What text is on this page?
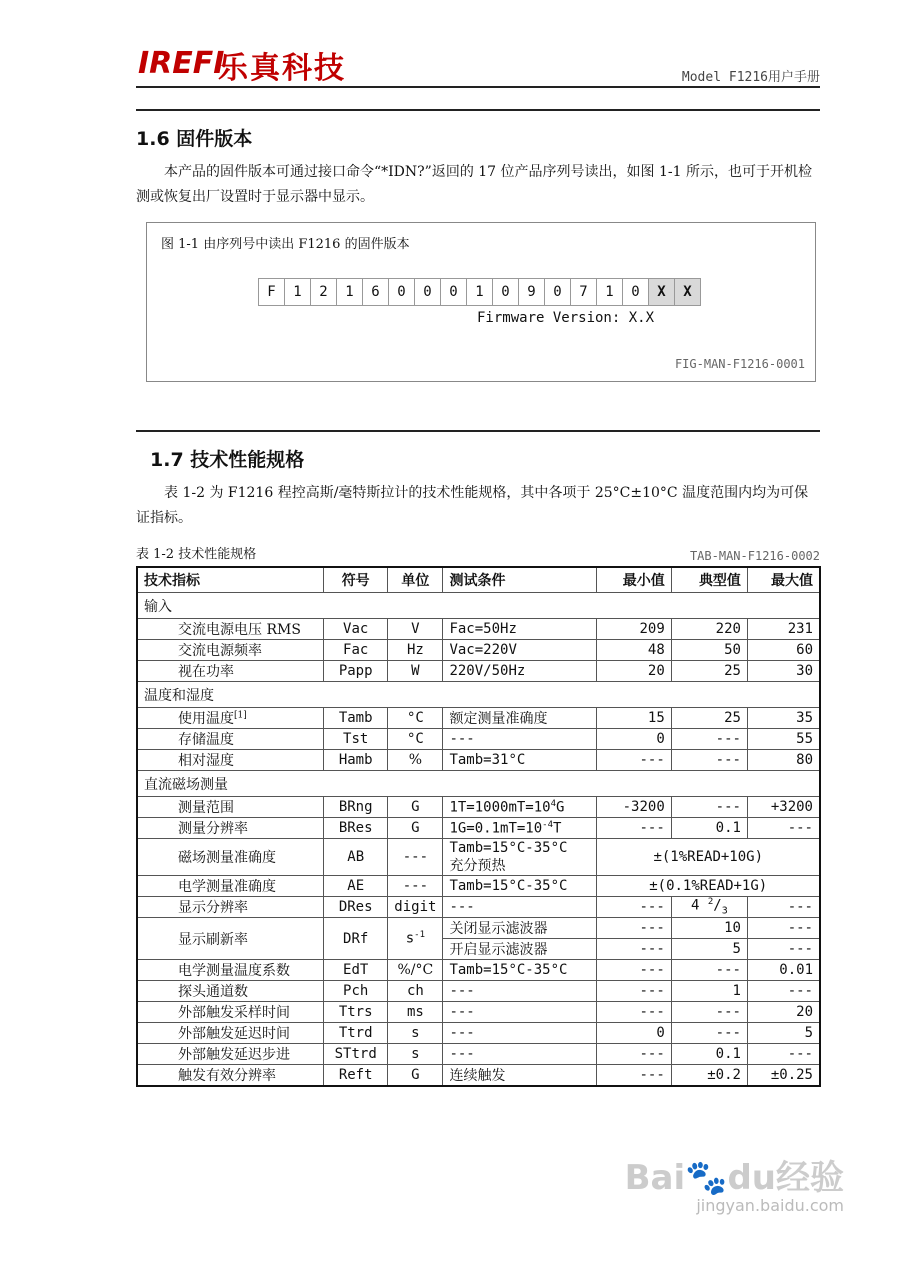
IREFI
乐真科技	Model F1216用户手册
1.6 固件版本
本产品的固件版本可通过接口命令“*IDN?”返回的 17 位产品序列号读出，如图 1-1 所示，也可于开机检测或恢复出厂设置时于显示器中显示。
图 1-1 由序列号中读出 F1216 的固件版本
F	1	2	1	6	0	0	0	1	0	9	0	7	1	0	X	X
Firmware Version: X.X
FIG-MAN-F1216-0001
1.7 技术性能规格
表 1-2 为 F1216 程控高斯/毫特斯拉计的技术性能规格，其中各项于 25°C±10°C 温度范围内均为可保证指标。
表 1-2 技术性能规格	TAB-MAN-F1216-0002
技术指标	符号	单位	测试条件	最小值	典型值	最大值
输入						
交流电源电压 RMS	Vac	V	Fac=50Hz	209	220	231
交流电源频率	Fac	Hz	Vac=220V	48	50	60
视在功率	Papp	W	220V/50Hz	20	25	30
温度和湿度						
使用温度[1]	Tamb	°C	额定测量准确度	15	25	35
存储温度	Tst	°C	---	0	---	55
相对湿度	Hamb	%	Tamb=31°C	---	---	80
直流磁场测量						
测量范围	BRng	G	$1T=1000mT=10^4G$	-3200	---	+3200
测量分辨率	BRes	G	$1G=0.1mT=10^{-4}T$	---	0.1	---
磁场测量准确度	AB	---	Tamb=15°C-35°C
充分预热	±(1%READ+10G)		
电学测量准确度	AE	---	Tamb=15°C-35°C	±(0.1%READ+1G)		
显示分辨率	DRes	digit	---	---	4 $^2/_3$	---
显示刷新率	DRf	$s^{-1}$	关闭显示滤波器	---	10	---
			开启显示滤波器	---	5	---
电学测量温度系数	EdT	%/°C	Tamb=15°C-35°C	---	---	0.01
探头通道数	Pch	ch	---	---	1	---
外部触发采样时间	Ttrs	ms	---	---	---	20
外部触发延迟时间	Ttrd	s	---	0	---	5
外部触发延迟步进	STtrd	s	---	---	0.1	---
触发有效分辨率	Reft	G	连续触发	---	±0.2	±0.25
Bai🐾du经验
jingyan.baidu.com
